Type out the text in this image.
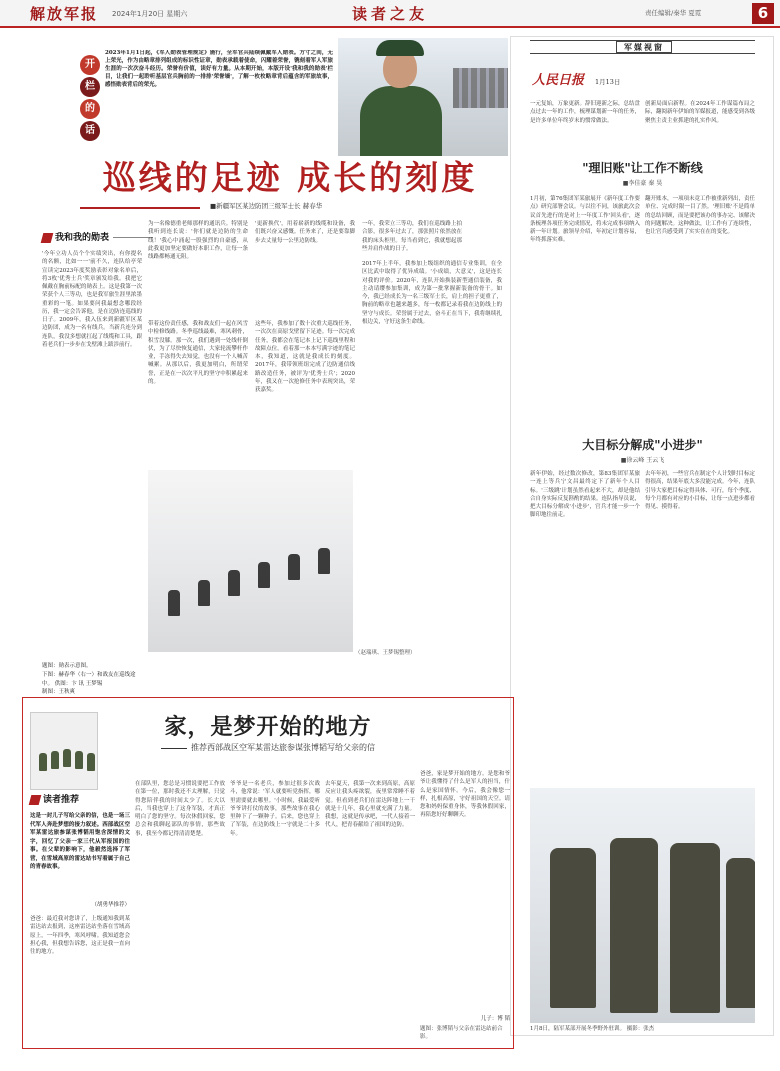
解放军报 2024年1月20日 星期六	读者之友	责任编辑/秦华 夏霓	6
开
栏
的
话
2023年1月1日起，《军人勋表管理规定》施行，全军官兵陆续佩戴军人勋表。方寸之间，无上荣光，作为由略章排列组成的标识性证章，勋表承载着使命，闪耀着荣誉，镌刻着军人军旅生涯的一次次奋斗经历。荣誉有价值，读好有力量。从本期开始，本版开设'我和我的勋表'栏目，让我们一起聆听基层官兵胸前的一排排'荣誉墙'，了解一枚枚略章背后蕴含的军旅故事，感悟勋表背后的荣光。
巡线的足迹 成长的刻度
■新疆军区某边防团三级军士长 赫春华
我和我的勋表
'今年立功人员个个实绩突出，有你提名的名额，比如一一'前不久，连队给亭荣宣读完2023年度奖励表彰对象名单后，将3枚'优秀士兵'奖章颁发给我。我把它佩戴在胸前标配的勋表上。这是我第一次荣获个人三等功，也是我军旅生涯里浓墨重彩的一笔。如果要问我最想念哪段经历，我一定会告诉他，是在边防连巡线的日子。2009年，我入伍来到新疆军区某边防团，成为一名有线兵。当新兵连分到连队，我没多想就扛起了线缆和工具，跟着老兵们一步步在戈壁滩上跋涉前行。
为一名像德重老师那样的通讯兵。特别是我听到连长说：'你们就是边防的生命线！'我心中涌起一股强烈的自豪感，从此我更加坚定要做好本职工作，让每一条线路都畅通无阻。
'更新换代'，用着崭新的线缆和设备，我们既兴奋又感慨。任务来了，还是要靠脚步去丈量每一公里边防线。
一年，我荣立三等功，我们在巡线路上拍合影，很多年过去了，那张照片依然放在我的床头柜里。每当看到它，我就想起那些并肩作战的日子。
这些年，我参加了数十次重大巡线任务，一次次在高原戈壁留下足迹。每一次完成任务，我都会在笔记本上记下巡线里程和故障点位。看着那一本本写满字迹的笔记本，我知道，这就是我成长的刻度。2017年，我带领班组完成了边防通信线路改造任务，被评为'优秀士兵'；2020年，我又在一次抢修任务中表现突出，荣获嘉奖。
2017年上半年，我参加上级组织的通信专业集训，在全区比武中取得了优异成绩。'小成绩，大意义'，这是连长对我的评价。2020年，连队开始换装新型通信装备，我主动请缨参加集训，成为第一批掌握新装备的骨干。如今，我已经成长为一名三级军士长，肩上的担子更重了，胸前的略章也越来越多，每一枚都记录着我在边防线上的坚守与成长。荣誉属于过去，奋斗正在当下，我将继续扎根边关，守好这条生命线。
带着这份责任感，我和战友们一起在风雪中检修线路。冬季巡线最难，寒风刺骨，积雪没膝。那一次，我们遇到一处线杆倒伏，为了尽快恢复通信，大家轮流攀杆作业，手冻得失去知觉，也没有一个人喊苦喊累。从那以后，我更加明白，所谓荣誉，正是在一次次平凡的坚守中积累起来的。
（赵瑞琪、王梦锡整理）
题图：勋表示意图。
下图：赫春华（右一）和战友在巡线途中。 供图：卞 讯 王梦锡
制图：王秋爽
军媒视窗
人民日报 1月13日
一元复始，万象更新。辞旧迎新之际，总结盘点过去一年的工作，梳理谋划新一年的任务，是许多单位年终岁末的惯常做法。
创新局面启新程。在2024年工作谋篇布局之际，翻阅新年伊始的军媒报道，能感受到各级聚焦主责主业抓建的扎实作风。
"理旧账"让工作不断线
■李佳豪 秦 昊
1月初，第76集团军某旅展开《新年度工作要点》研究部署会议。与以往不同，该旅此次会议首先进行的是对上一年度工作'回头看'，逐条梳理各项任务完成情况，将未完成事项纳入新一年计划。旅领导介绍，年初定计划容易，年终抓落实难。
翻开账本，一项项未竟工作被重新列出，责任单位、完成时限一目了然。'理旧账'不是简单的总结回顾，而是要把该办的事办完、该解决的问题解决。这种做法，让工作有了连续性，也让官兵感受到了实实在在的变化。
大目标分解成"小进步"
■徐云峰 王云飞
新年伊始，经过数次修改，第83集团军某旅一连上等兵宁文昌最终定下了新年个人目标。'三级跳'计划虽然看起来不大，却是他结合自身实际反复斟酌的结果。连队指导员说，把大目标分解成'小进步'，官兵才能一步一个脚印地往前走。
去年年初，一些官兵在制定个人计划时目标定得很高，结果年底大多没能完成。今年，连队引导大家把目标定得具体、可行，每个季度、每个月都有对应的小目标，让每一点进步都看得见、摸得着。
1月8日，陆军某部开展冬季野外驻训。 摄影：张杰
家，是梦开始的地方
推荐西部战区空军某雷达旅参谋张博韬写给父亲的信
读者推荐
这是一封儿子写给父亲的信，也是一场三代军人奔赴梦想的接力叙述。西部战区空军某雷达旅参谋张博韬用饱含深情的文字，回忆了父亲一家三代从军报国的往事。在父辈的影响下，他毅然选择了军营，在雪域高原的雷达站书写着属于自己的青春故事。
（胡勇华推荐）
爸爸：最近我对您讲了，上级通知我到某雷达站去报到，这座雷达站坐落在雪域高原上，一年四季，寒风呼啸。我知道您会担心我，但我想告诉您，这正是我一直向往的地方。
在部队里，您总是习惯说要把工作放在第一位，那时我还不太理解，只觉得您陪伴我的时间太少了。长大以后，当我也穿上了这身军装，才真正明白了您的坚守。每次休假回家，您总会和我聊起部队的事情，那些故事，我至今都记得清清楚楚。
爷爷是一名老兵，参加过很多次战斗，他常说：'军人就要听党指挥，哪里需要就去哪里。'小时候，我最爱听爷爷讲打仗的故事，那些故事在我心里种下了一颗种子。后来，您也穿上了军装，在边防线上一守就是二十多年。
去年夏天，我第一次来到高原，高原反应让我头疼欲裂，夜里常常睡不着觉。但看到老兵们在雷达阵地上一干就是十几年，我心里就充满了力量。我想，这就是传承吧，一代人接着一代人，把青春献给了祖国的边防。
爸爸，家是梦开始的地方。是您和爷爷让我懂得了什么是军人的担当，什么是家国情怀。今后，我会像您一样，扎根高原，守好祖国的天空。请您和妈妈保重身体，等我休假回家，再陪您好好聊聊天。
儿子：博 韬
题图：张博韬与父亲在雷达站前合影。
